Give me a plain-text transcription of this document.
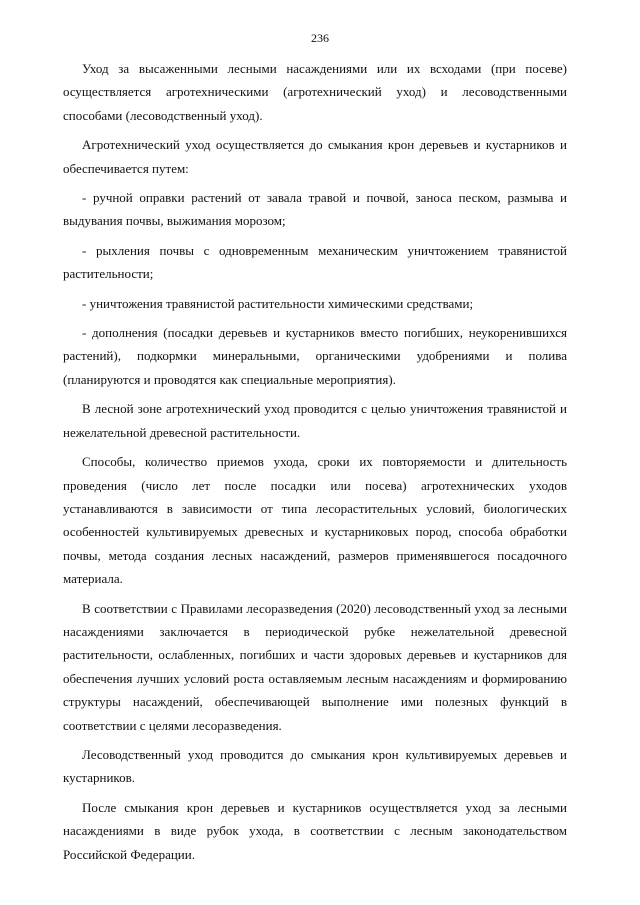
236

Уход за высаженными лесными насаждениями или их всходами (при посеве) осуществляется агротехническими (агротехнический уход) и лесоводственными способами (лесоводственный уход).

Агротехнический уход осуществляется до смыкания крон деревьев и кустарников и обеспечивается путем:

- ручной оправки растений от завала травой и почвой, заноса песком, размыва и выдувания почвы, выжимания морозом;

- рыхления почвы с одновременным механическим уничтожением травянистой растительности;

- уничтожения травянистой растительности химическими средствами;

- дополнения (посадки деревьев и кустарников вместо погибших, неукоренившихся растений), подкормки минеральными, органическими удобрениями и полива (планируются и проводятся как специальные мероприятия).

В лесной зоне агротехнический уход проводится с целью уничтожения травянистой и нежелательной древесной растительности.

Способы, количество приемов ухода, сроки их повторяемости и длительность проведения (число лет после посадки или посева) агротехнических уходов устанавливаются в зависимости от типа лесорастительных условий, биологических особенностей культивируемых древесных и кустарниковых пород, способа обработки почвы, метода создания лесных насаждений, размеров применявшегося посадочного материала.

В соответствии с Правилами лесоразведения (2020) лесоводственный уход за лесными насаждениями заключается в периодической рубке нежелательной древесной растительности, ослабленных, погибших и части здоровых деревьев и кустарников для обеспечения лучших условий роста оставляемым лесным насаждениям и формированию структуры насаждений, обеспечивающей выполнение ими полезных функций в соответствии с целями лесоразведения.

Лесоводственный уход проводится до смыкания крон культивируемых деревьев и кустарников.

После смыкания крон деревьев и кустарников осуществляется уход за лесными насаждениями в виде рубок ухода, в соответствии с лесным законодательством Российской Федерации.
